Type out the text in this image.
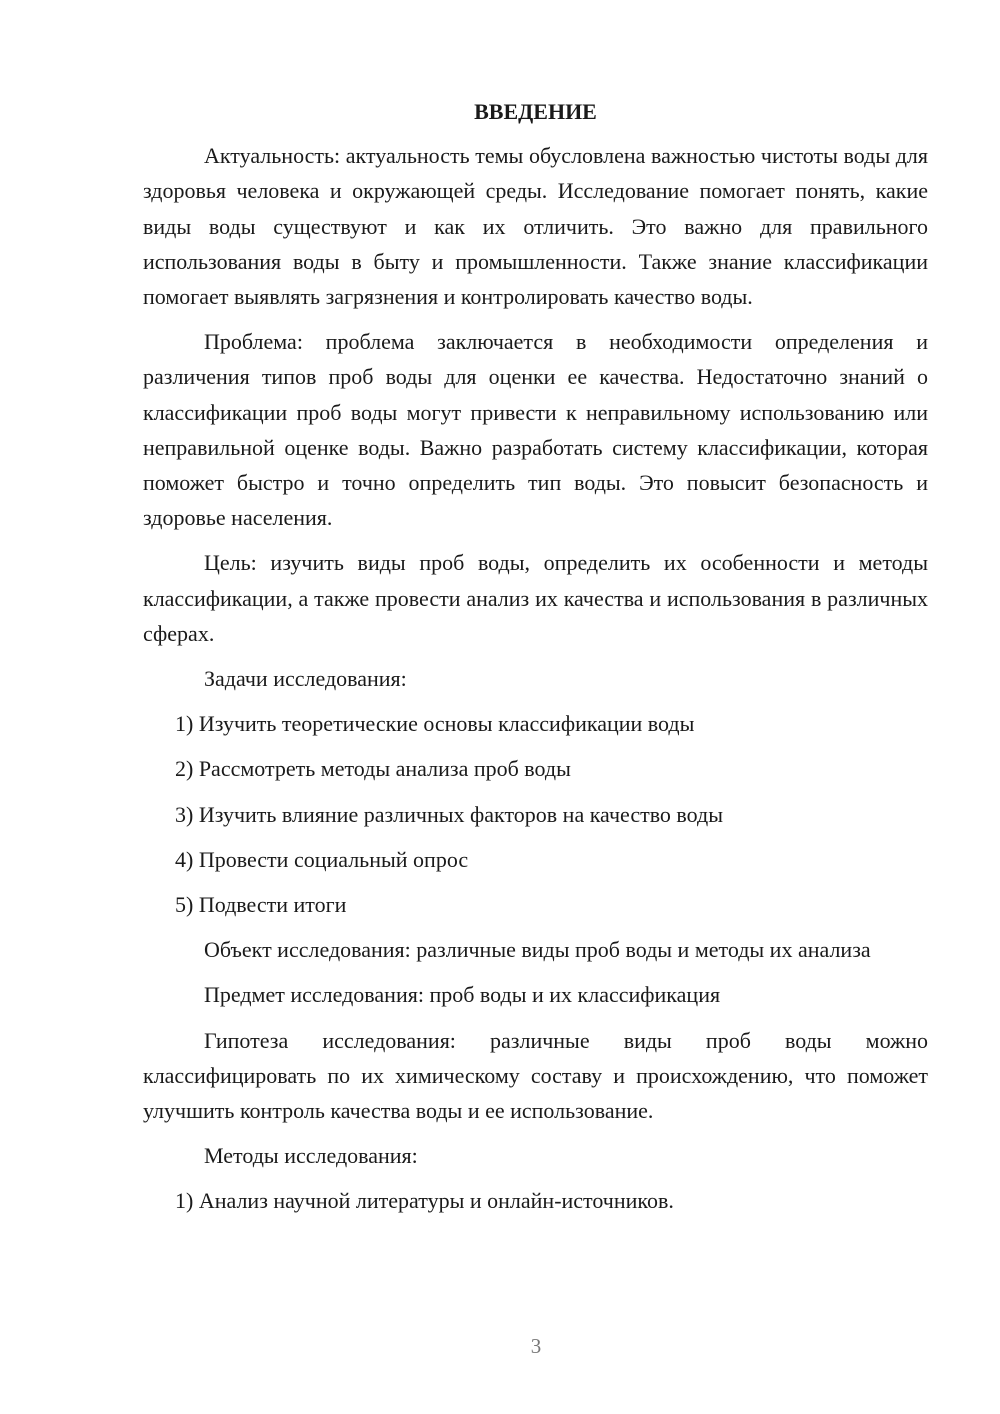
ВВЕДЕНИЕ

Актуальность: актуальность темы обусловлена важностью чистоты воды для здоровья человека и окружающей среды. Исследование помогает понять, какие виды воды существуют и как их отличить. Это важно для правильного использования воды в быту и промышленности. Также знание классификации помогает выявлять загрязнения и контролировать качество воды.

Проблема: проблема заключается в необходимости определения и различения типов проб воды для оценки ее качества. Недостаточно знаний о классификации проб воды могут привести к неправильному использованию или неправильной оценке воды. Важно разработать систему классификации, которая поможет быстро и точно определить тип воды. Это повысит безопасность и здоровье населения.

Цель: изучить виды проб воды, определить их особенности и методы классификации, а также провести анализ их качества и использования в различных сферах.

Задачи исследования:

1) Изучить теоретические основы классификации воды

2) Рассмотреть методы анализа проб воды

3) Изучить влияние различных факторов на качество воды

4) Провести социальный опрос

5) Подвести итоги

Объект исследования: различные виды проб воды и методы их анализа

Предмет исследования: проб воды и их классификация

Гипотеза исследования: различные виды проб воды можно классифицировать по их химическому составу и происхождению, что поможет улучшить контроль качества воды и ее использование.

Методы исследования:

1) Анализ научной литературы и онлайн-источников.

3
